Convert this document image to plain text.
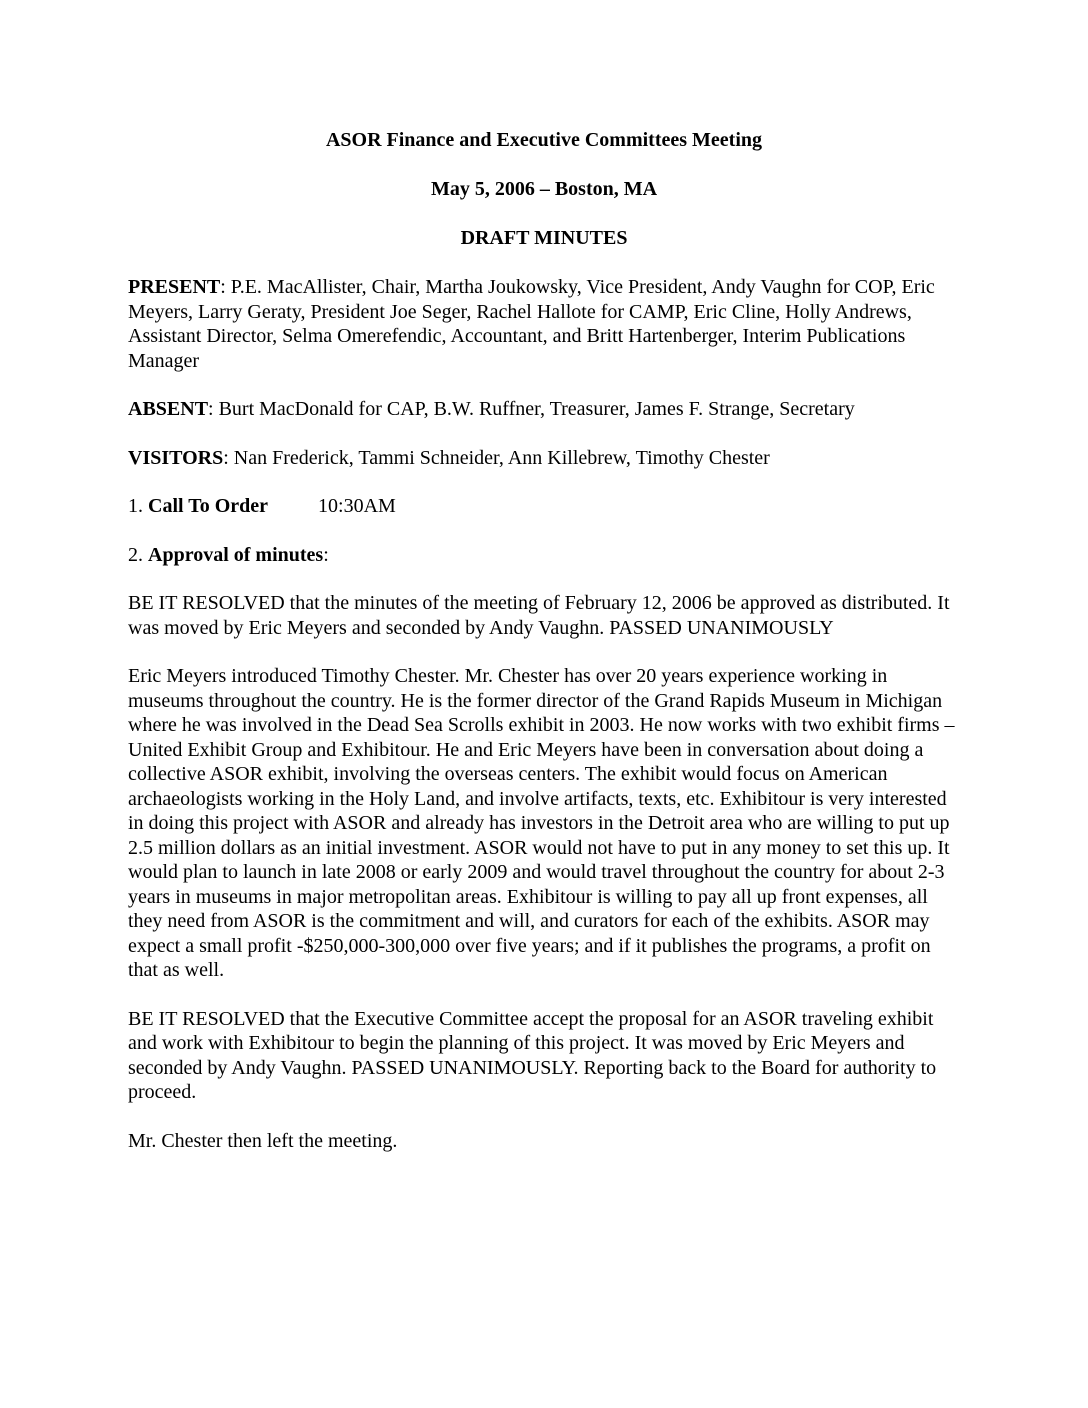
ASOR Finance and Executive Committees Meeting
May 5, 2006 – Boston, MA
DRAFT MINUTES

PRESENT: P.E. MacAllister, Chair, Martha Joukowsky, Vice President, Andy Vaughn for COP, Eric Meyers, Larry Geraty, President Joe Seger, Rachel Hallote for CAMP, Eric Cline, Holly Andrews, Assistant Director, Selma Omerefendic, Accountant, and Britt Hartenberger, Interim Publications Manager

ABSENT: Burt MacDonald for CAP, B.W. Ruffner, Treasurer, James F. Strange, Secretary

VISITORS: Nan Frederick, Tammi Schneider, Ann Killebrew, Timothy Chester

1. Call To Order	10:30AM

2. Approval of minutes:

BE IT RESOLVED that the minutes of the meeting of February 12, 2006 be approved as distributed. It was moved by Eric Meyers and seconded by Andy Vaughn. PASSED UNANIMOUSLY

Eric Meyers introduced Timothy Chester. Mr. Chester has over 20 years experience working in museums throughout the country. He is the former director of the Grand Rapids Museum in Michigan where he was involved in the Dead Sea Scrolls exhibit in 2003. He now works with two exhibit firms – United Exhibit Group and Exhibitour. He and Eric Meyers have been in conversation about doing a collective ASOR exhibit, involving the overseas centers. The exhibit would focus on American archaeologists working in the Holy Land, and involve artifacts, texts, etc. Exhibitour is very interested in doing this project with ASOR and already has investors in the Detroit area who are willing to put up 2.5 million dollars as an initial investment. ASOR would not have to put in any money to set this up. It would plan to launch in late 2008 or early 2009 and would travel throughout the country for about 2-3 years in museums in major metropolitan areas. Exhibitour is willing to pay all up front expenses, all they need from ASOR is the commitment and will, and curators for each of the exhibits. ASOR may expect a small profit -$250,000-300,000 over five years; and if it publishes the programs, a profit on that as well.

BE IT RESOLVED that the Executive Committee accept the proposal for an ASOR traveling exhibit and work with Exhibitour to begin the planning of this project. It was moved by Eric Meyers and seconded by Andy Vaughn. PASSED UNANIMOUSLY. Reporting back to the Board for authority to proceed.

Mr. Chester then left the meeting.
